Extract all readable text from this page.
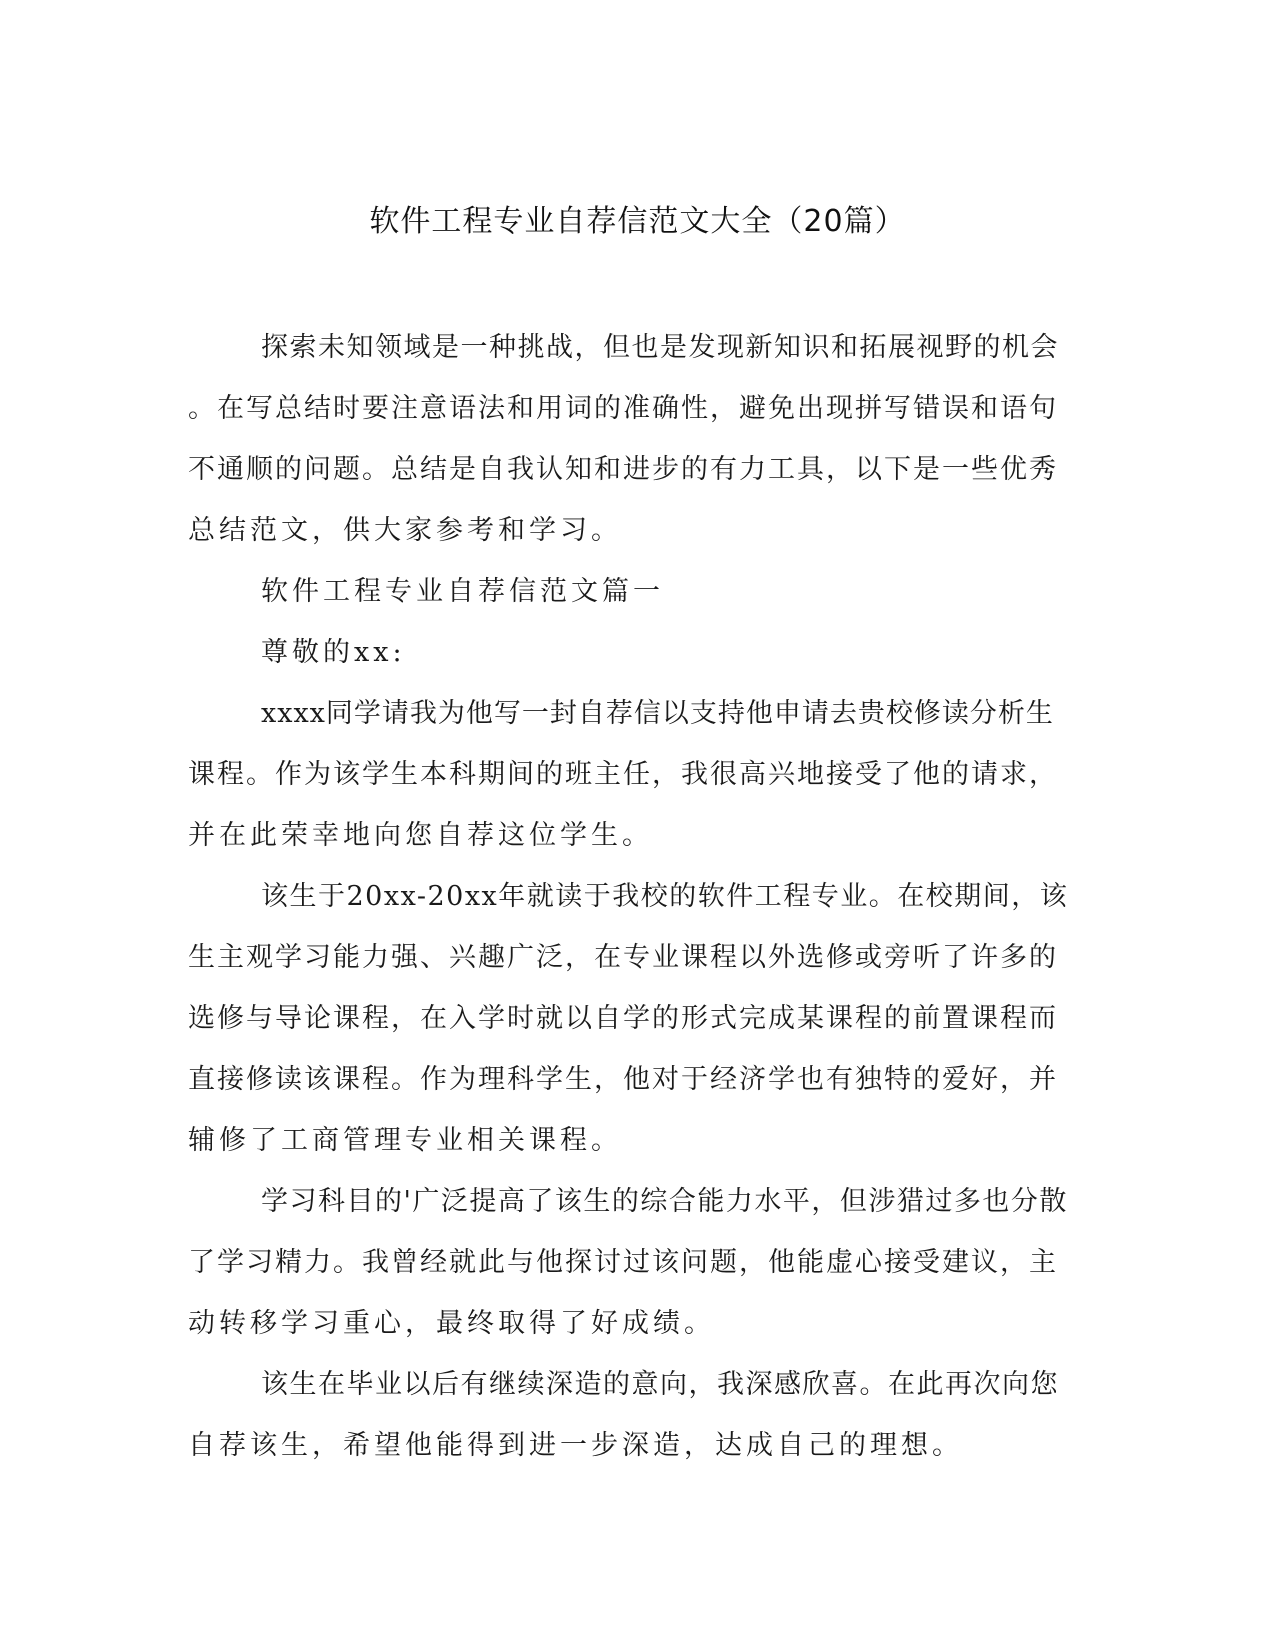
软件工程专业自荐信范文大全（20篇）
探索未知领域是一种挑战，但也是发现新知识和拓展视野的机会
。在写总结时要注意语法和用词的准确性，避免出现拼写错误和语句
不通顺的问题。总结是自我认知和进步的有力工具，以下是一些优秀
总结范文，供大家参考和学习。
软件工程专业自荐信范文篇一
尊敬的xx:
xxxx同学请我为他写一封自荐信以支持他申请去贵校修读分析生
课程。作为该学生本科期间的班主任，我很高兴地接受了他的请求，
并在此荣幸地向您自荐这位学生。
该生于20xx-20xx年就读于我校的软件工程专业。在校期间，该
生主观学习能力强、兴趣广泛，在专业课程以外选修或旁听了许多的
选修与导论课程，在入学时就以自学的形式完成某课程的前置课程而
直接修读该课程。作为理科学生，他对于经济学也有独特的爱好，并
辅修了工商管理专业相关课程。
学习科目的'广泛提高了该生的综合能力水平，但涉猎过多也分散
了学习精力。我曾经就此与他探讨过该问题，他能虚心接受建议，主
动转移学习重心，最终取得了好成绩。
该生在毕业以后有继续深造的意向，我深感欣喜。在此再次向您
自荐该生，希望他能得到进一步深造，达成自己的理想。
